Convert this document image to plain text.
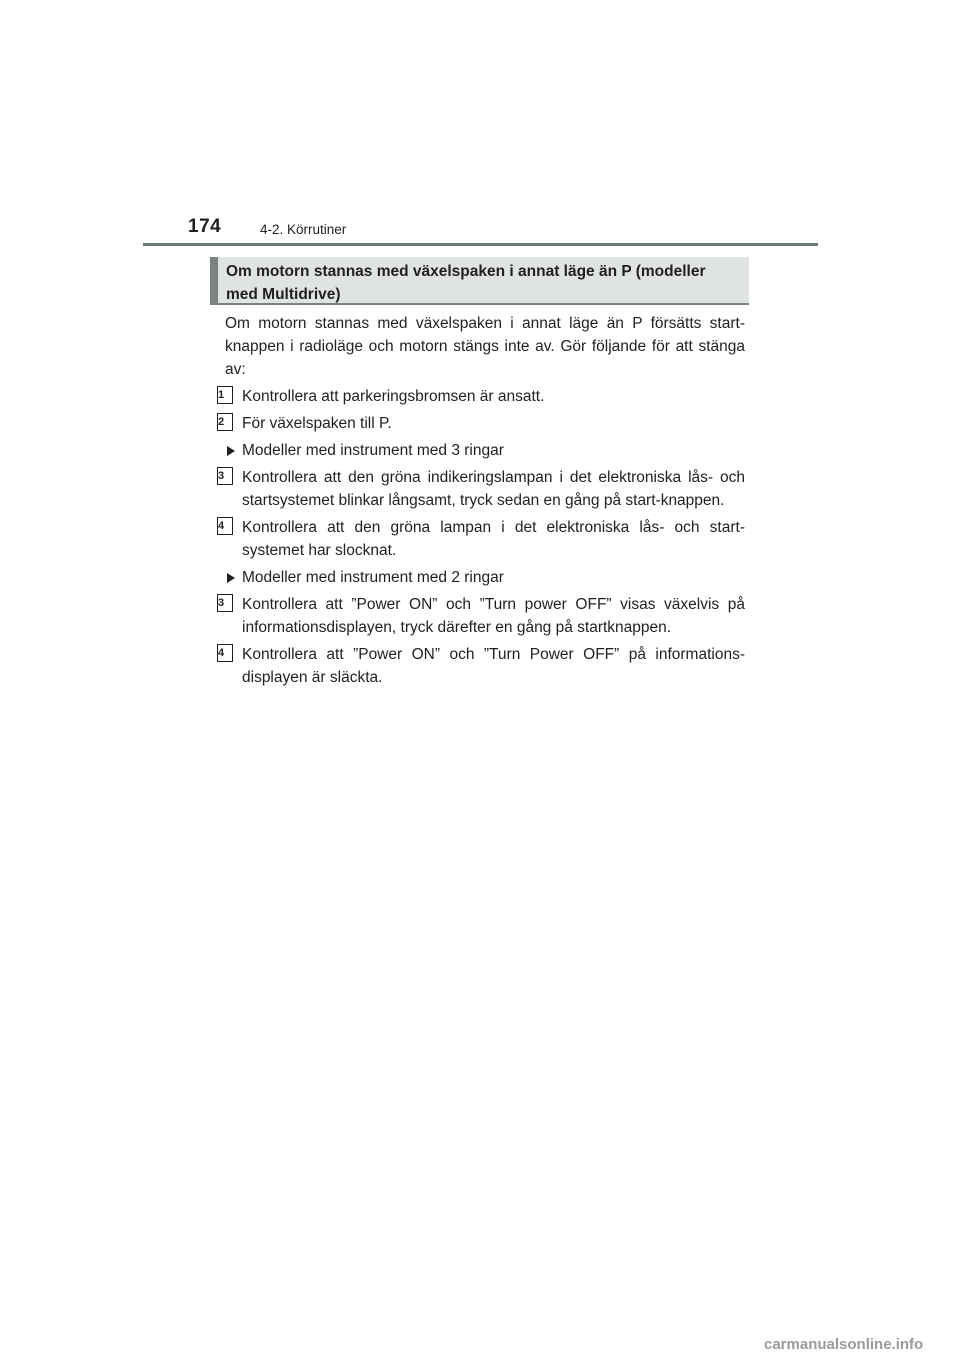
174	4-2. Körrutiner
Om motorn stannas med växelspaken i annat läge än P (modeller med Multidrive)

Om motorn stannas med växelspaken i annat läge än P försätts start-knappen i radioläge och motorn stängs inte av. Gör följande för att stänga av:

1	Kontrollera att parkeringsbromsen är ansatt.
2	För växelspaken till P.
Modeller med instrument med 3 ringar
3	Kontrollera att den gröna indikeringslampan i det elektroniska lås- och startsystemet blinkar långsamt, tryck sedan en gång på start-knappen.
4	Kontrollera att den gröna lampan i det elektroniska lås- och start-systemet har slocknat.
Modeller med instrument med 2 ringar
3	Kontrollera att ”Power ON” och ”Turn power OFF” visas växelvis på informationsdisplayen, tryck därefter en gång på startknappen.
4	Kontrollera att ”Power ON” och ”Turn Power OFF” på informations-displayen är släckta.
carmanualsonline.info
